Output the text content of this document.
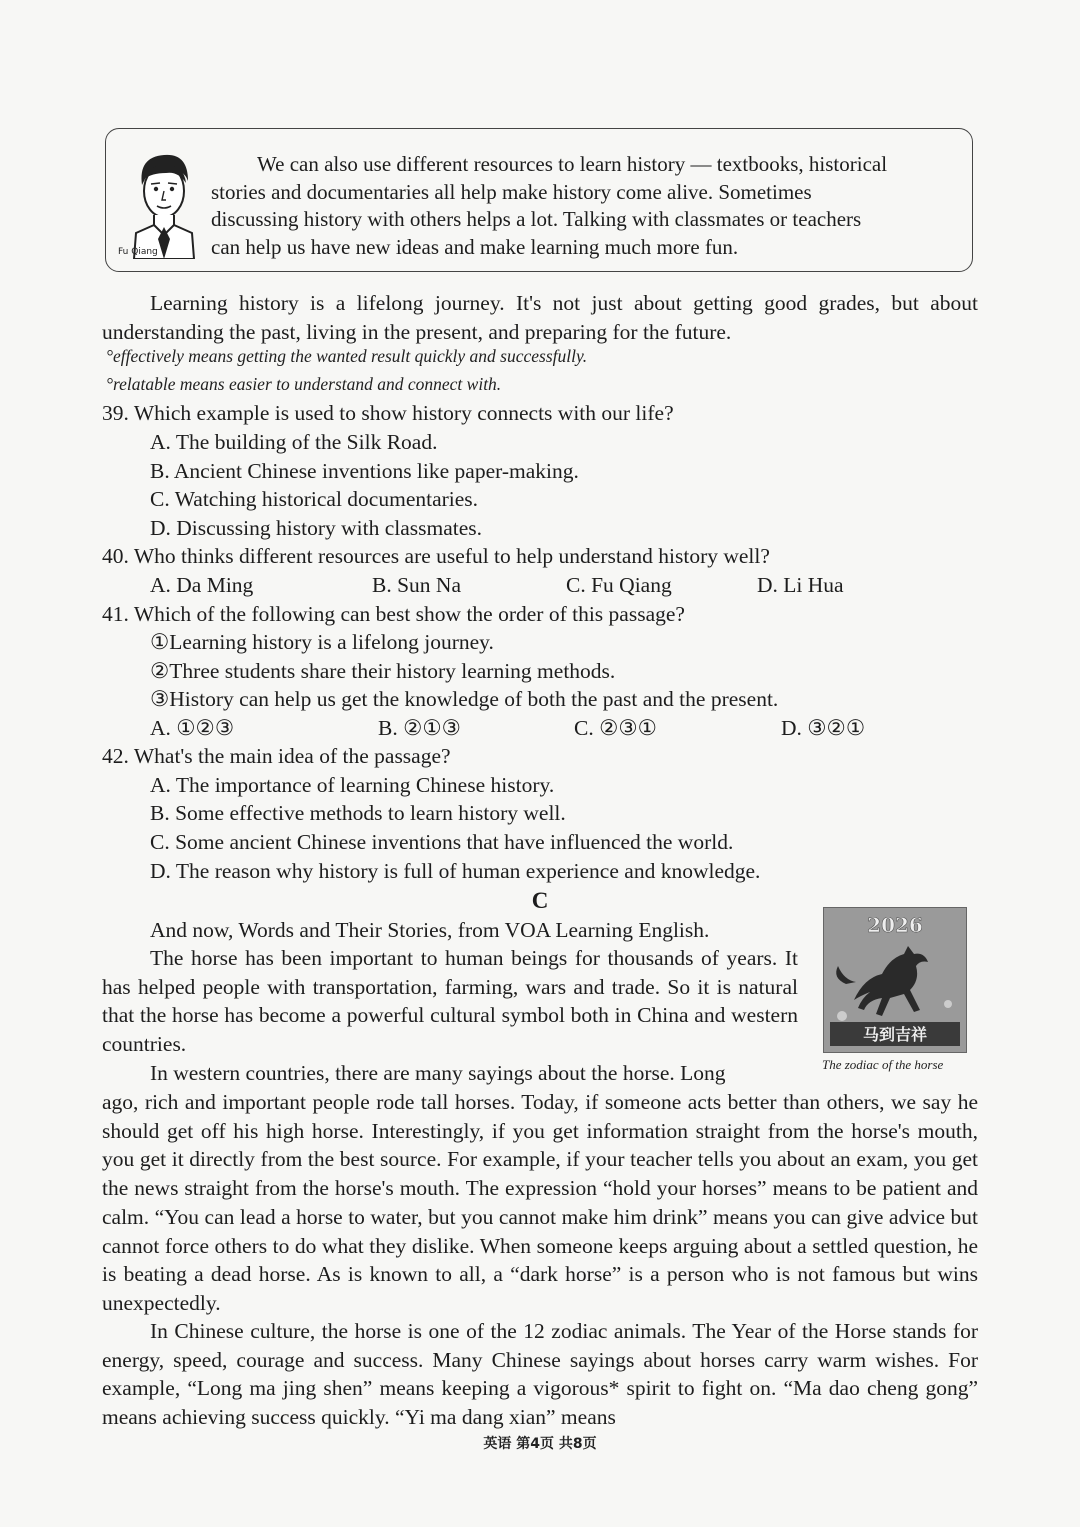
Fu Qiang
We can also use different resources to learn history — textbooks, historical
stories and documentaries all help make history come alive. Sometimes
discussing history with others helps a lot. Talking with classmates or teachers
can help us have new ideas and make learning much more fun.

Learning history is a lifelong journey. It's not just about getting good grades, but about understanding the past, living in the present, and preparing for the future.

°effectively means getting the wanted result quickly and successfully.
°relatable means easier to understand and connect with.
39. Which example is used to show history connects with our life?
A. The building of the Silk Road.
B. Ancient Chinese inventions like paper-making.
C. Watching historical documentaries.
D. Discussing history with classmates.
40. Who thinks different resources are useful to help understand history well?
A. Da Ming	B. Sun Na	C. Fu Qiang	D. Li Hua
41. Which of the following can best show the order of this passage?
①Learning history is a lifelong journey.
②Three students share their history learning methods.
③History can help us get the knowledge of both the past and the present.
A. ①②③	B. ②①③	C. ②③①	D. ③②①
42. What's the main idea of the passage?
A. The importance of learning Chinese history.
B. Some effective methods to learn history well.
C. Some ancient Chinese inventions that have influenced the world.
D. The reason why history is full of human experience and knowledge.
C

And now, Words and Their Stories, from VOA Learning English.

The horse has been important to human beings for thousands of years. It has helped people with transportation, farming, wars and trade. So it is natural that the horse has become a powerful cultural symbol both in China and western countries.

In western countries, there are many sayings about the horse. Long

ago, rich and important people rode tall horses. Today, if someone acts better than others, we say he should get off his high horse. Interestingly, if you get information straight from the horse's mouth, you get it directly from the best source. For example, if your teacher tells you about an exam, you get the news straight from the horse's mouth. The expression “hold your horses” means to be patient and calm. “You can lead a horse to water, but you cannot make him drink” means you can give advice but cannot force others to do what they dislike. When someone keeps arguing about a settled question, he is beating a dead horse. As is known to all, a “dark horse” is a person who is not famous but wins unexpectedly.

In Chinese culture, the horse is one of the 12 zodiac animals. The Year of the Horse stands for energy, speed, courage and success. Many Chinese sayings about horses carry warm wishes. For example, “Long ma jing shen” means keeping a vigorous* spirit to fight on. “Ma dao cheng gong” means achieving success quickly. “Yi ma dang xian” means

2026
马到吉祥
The zodiac of the horse
英语 第4页 共8页
